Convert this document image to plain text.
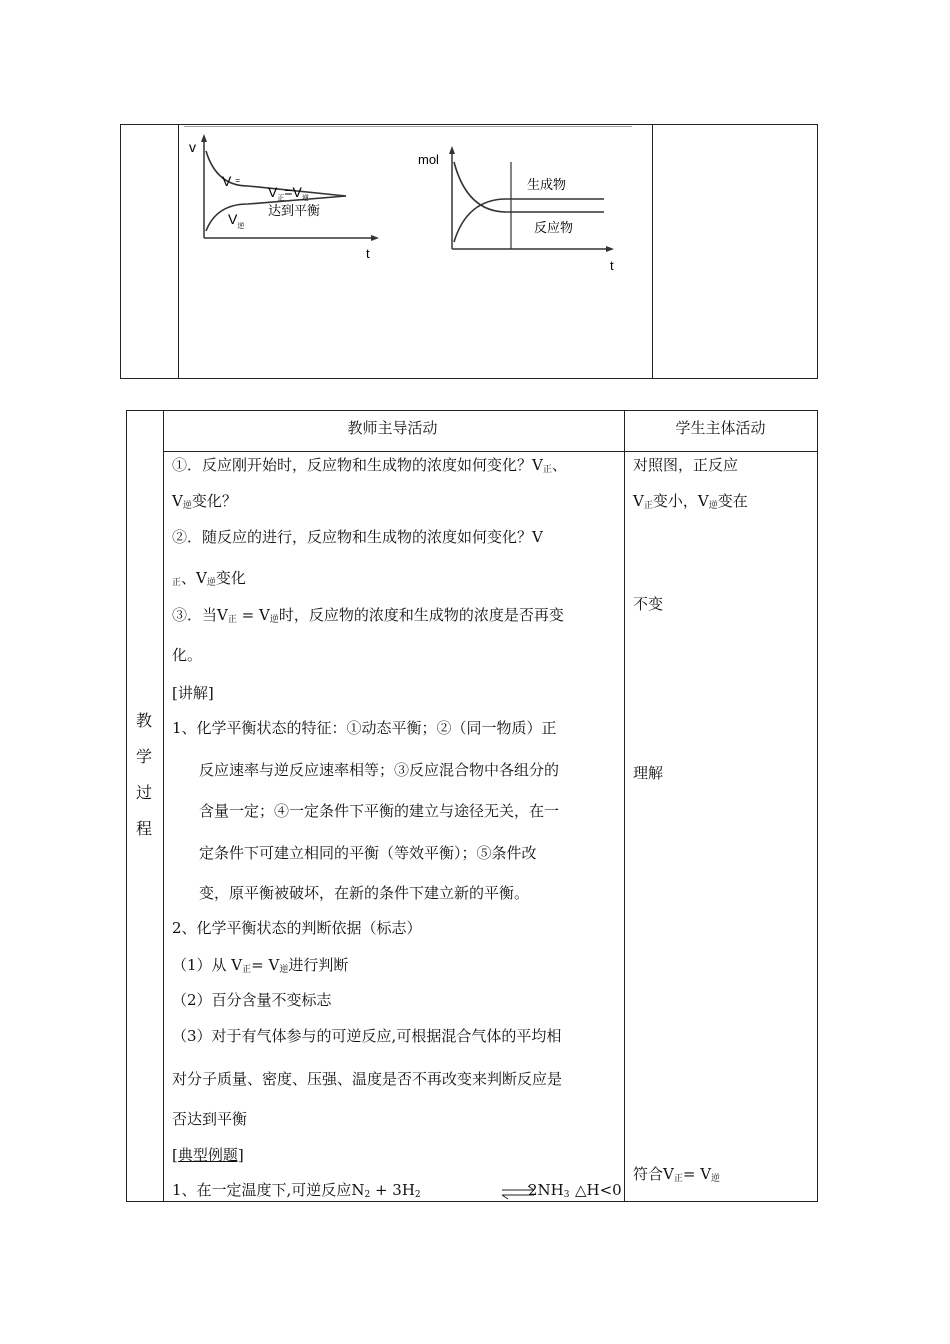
v
t
V =
$V_逆$
$V_正=V_逆$
达到平衡
mol
t
生成物
反应物
教
学
过
程
教师主导活动	学生主体活动
①．反应刚开始时，反应物和生成物的浓度如何变化？$V_正$、
$V_逆$变化？
②．随反应的进行，反应物和生成物的浓度如何变化？V
$_正$、$V_逆$变化
③．当$V_正 = V_逆$时，反应物的浓度和生成物的浓度是否再变
化。
[讲解]
1、化学平衡状态的特征：①动态平衡；②（同一物质）正
反应速率与逆反应速率相等；③反应混合物中各组分的
含量一定；④一定条件下平衡的建立与途径无关，在一
定条件下可建立相同的平衡（等效平衡）；⑤条件改
变，原平衡被破坏，在新的条件下建立新的平衡。
2、化学平衡状态的判断依据（标志）
（1）从 $V_正= V_逆$进行判断
（2）百分含量不变标志
（3）对于有气体参与的可逆反应,可根据混合气体的平均相
对分子质量、密度、压强、温度是否不再改变来判断反应是
否达到平衡
[典型例题]
1、在一定温度下,可逆反应$N_2 + 3H_2$	$2NH_3$ △H<0
对照图，正反应
$V_正$变小，$V_逆$变在
不变
理解
符合$V_正= V_逆$
